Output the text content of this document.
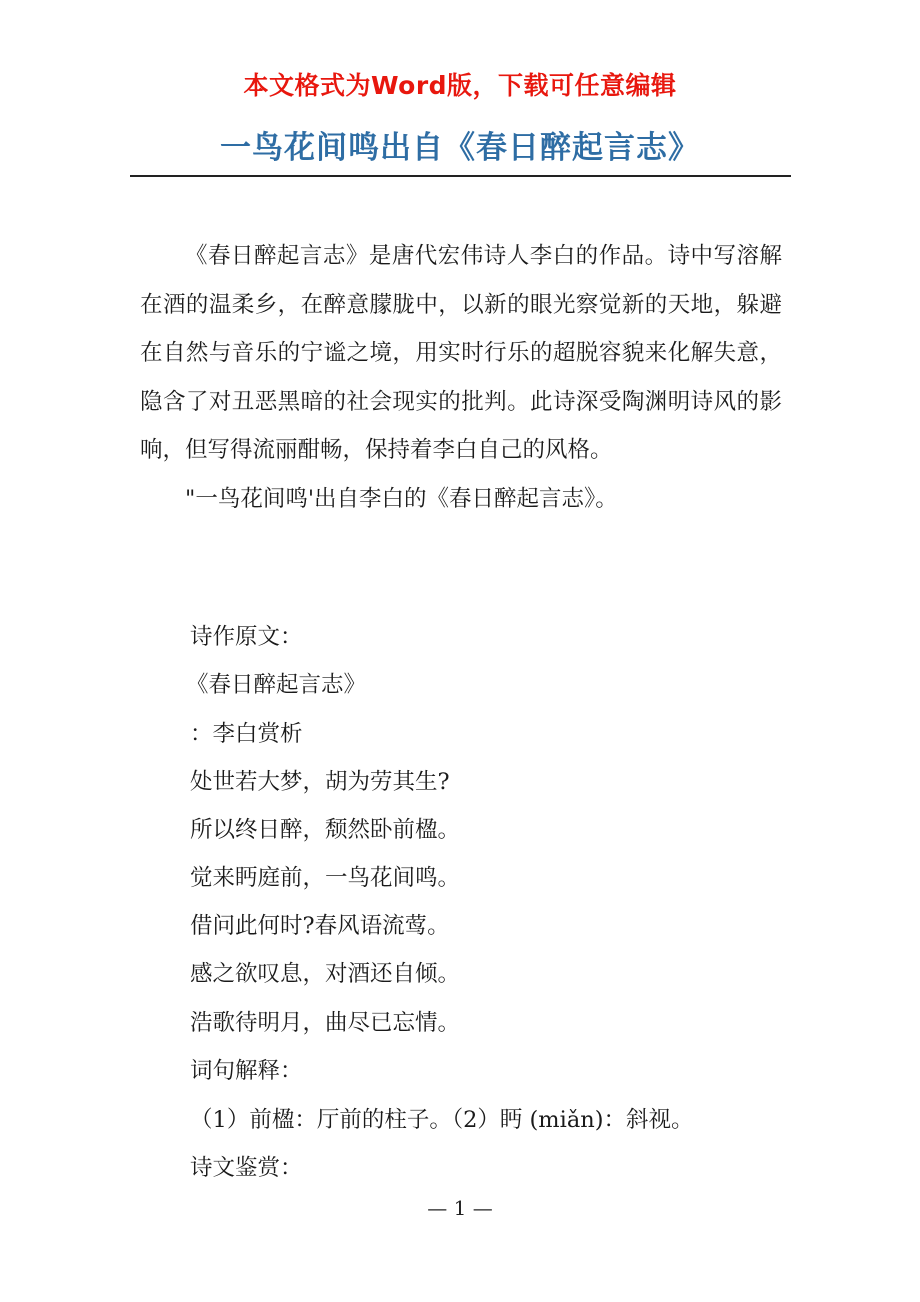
本文格式为Word版，下载可任意编辑
一鸟花间鸣出自《春日醉起言志》

《春日醉起言志》是唐代宏伟诗人李白的作品。诗中写溶解在酒的温柔乡，在醉意朦胧中，以新的眼光察觉新的天地，躲避在自然与音乐的宁谧之境，用实时行乐的超脱容貌来化解失意，隐含了对丑恶黑暗的社会现实的批判。此诗深受陶渊明诗风的影响，但写得流丽酣畅，保持着李白自己的风格。

"一鸟花间鸣'出自李白的《春日醉起言志》。

诗作原文：
《春日醉起言志》
：李白赏析
处世若大梦，胡为劳其生?
所以终日醉，颓然卧前楹。
觉来眄庭前，一鸟花间鸣。
借问此何时?春风语流莺。
感之欲叹息，对酒还自倾。
浩歌待明月，曲尽已忘情。
词句解释：
（1）前楹：厅前的柱子。（2）眄 (miǎn)：斜视。
诗文鉴赏：
— 1 —
